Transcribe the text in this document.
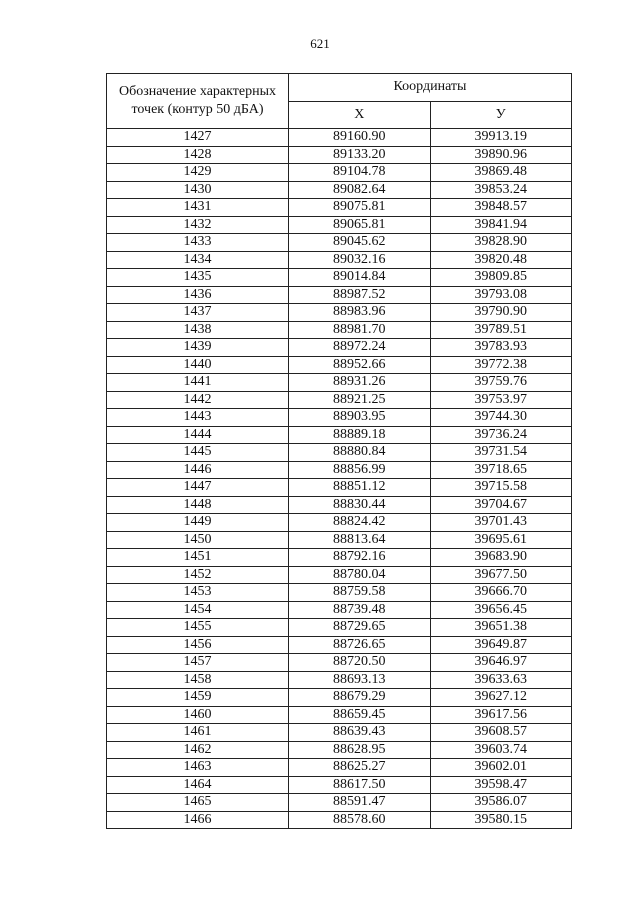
621
Обозначение характерных точек (контур 50 дБА)	Координаты	
	X	У
1427	89160.90	39913.19
1428	89133.20	39890.96
1429	89104.78	39869.48
1430	89082.64	39853.24
1431	89075.81	39848.57
1432	89065.81	39841.94
1433	89045.62	39828.90
1434	89032.16	39820.48
1435	89014.84	39809.85
1436	88987.52	39793.08
1437	88983.96	39790.90
1438	88981.70	39789.51
1439	88972.24	39783.93
1440	88952.66	39772.38
1441	88931.26	39759.76
1442	88921.25	39753.97
1443	88903.95	39744.30
1444	88889.18	39736.24
1445	88880.84	39731.54
1446	88856.99	39718.65
1447	88851.12	39715.58
1448	88830.44	39704.67
1449	88824.42	39701.43
1450	88813.64	39695.61
1451	88792.16	39683.90
1452	88780.04	39677.50
1453	88759.58	39666.70
1454	88739.48	39656.45
1455	88729.65	39651.38
1456	88726.65	39649.87
1457	88720.50	39646.97
1458	88693.13	39633.63
1459	88679.29	39627.12
1460	88659.45	39617.56
1461	88639.43	39608.57
1462	88628.95	39603.74
1463	88625.27	39602.01
1464	88617.50	39598.47
1465	88591.47	39586.07
1466	88578.60	39580.15
